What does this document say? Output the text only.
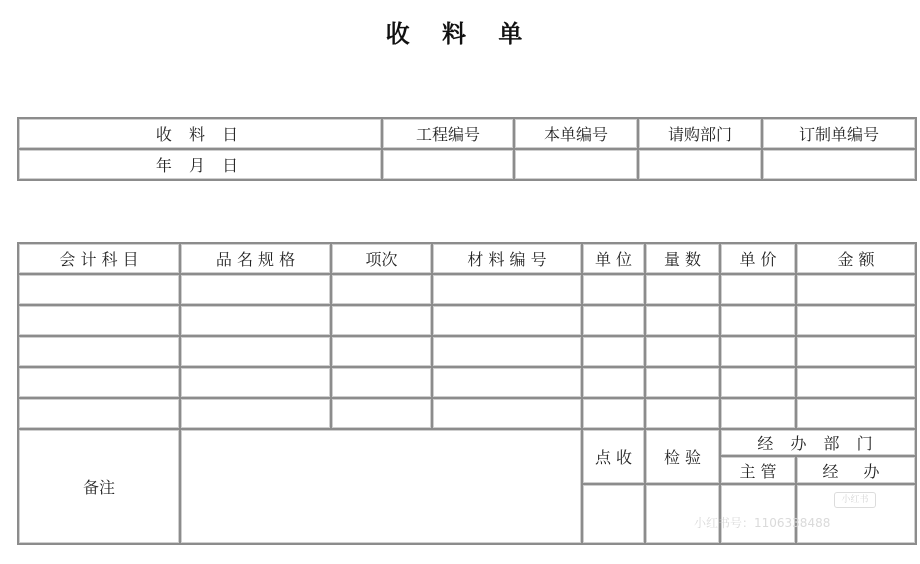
收 料 单
收 料 日	工程编号	本单编号	请购部门	订制单编号
年 月 日				
会 计 科 目	品 名 规 格	项次	材 料 编 号	单 位	量 数	单 价	金 额

备注				点 收	检 验	经 办 部 门	
						主 管	经 办

小红书
小红书号：1106338488
